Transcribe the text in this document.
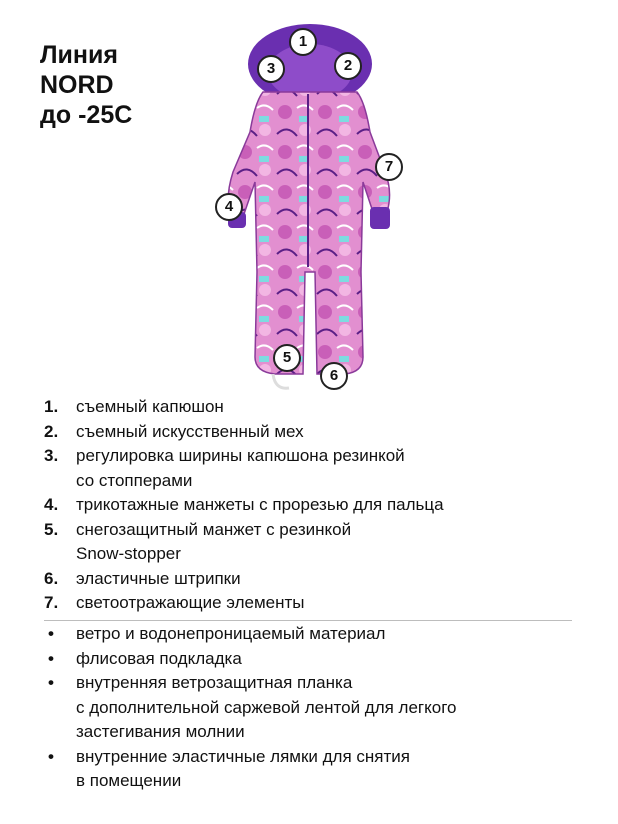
Линия
NORD
до -25С
1
2
3
4
5
6
7
1.	съемный капюшон
2.	съемный искусственный мех
3.	регулировка ширины капюшона резинкой
со стопперами
4.	трикотажные манжеты с прорезью для пальца
5.	снегозащитный манжет с резинкой
Snow-stopper
6.	эластичные штрипки
7.	светоотражающие элементы
•	ветро и водонепроницаемый материал
•	флисовая подкладка
•	внутренняя ветрозащитная планка
с дополнительной саржевой лентой для легкого
застегивания молнии
•	внутренние эластичные лямки для снятия
в помещении
